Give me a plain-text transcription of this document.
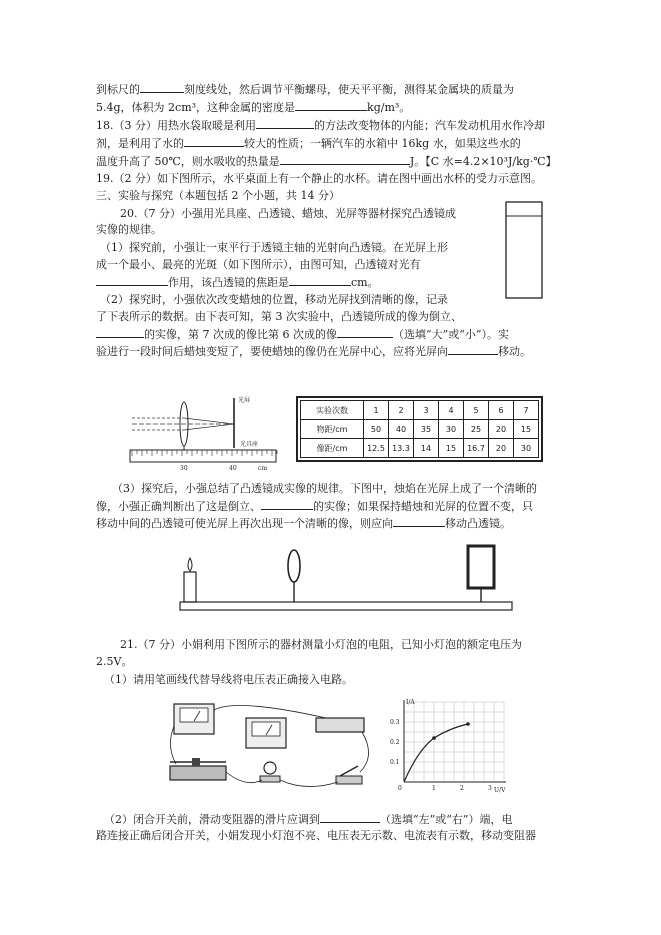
到标尺的	刻度线处，然后调节平衡螺母，使天平平衡，测得某金属块的质量为
5.4g，体积为 2cm³，这种金属的密度是	kg/m³。
18.（3 分）用热水袋取暖是利用	的方法改变物体的内能；汽车发动机用水作冷却
剂，是利用了水的	较大的性质；一辆汽车的水箱中 16kg 水，如果这些水的
温度升高了 50℃，则水吸收的热量是	J。【C 水=4.2×10³J/kg·℃】
19.（2 分）如下图所示，水平桌面上有一个静止的水杯。请在图中画出水杯的受力示意图。
三、实验与探究（本题包括 2 个小题，共 14 分）
20.（7 分）小强用光具座、凸透镜、蜡烛、光屏等器材探究凸透镜成
实像的规律。
（1）探究前，小强让一束平行于透镜主轴的光射向凸透镜。在光屏上形
成一个最小、最亮的光斑（如下图所示），由图可知，凸透镜对光有
作用，该凸透镜的焦距是	cm。
（2）探究时，小强依次改变蜡烛的位置，移动光屏找到清晰的像，记录
了下表所示的数据。由下表可知，第 3 次实验中，凸透镜所成的像为倒立、
的实像，第 7 次成的像比第 6 次成的像	（选填“大”或“小”）。实
验进行一段时间后蜡烛变短了，要使蜡烛的像仍在光屏中心，应将光屏向	移动。
光屏
光具座
30	40	cm
实验次数	1	2	3	4	5	6	7
物距/cm	50	40	35	30	25	20	15
像距/cm	12.5	13.3	14	15	16.7	20	30
（3）探究后，小强总结了凸透镜成实像的规律。下图中，烛焰在光屏上成了一个清晰的
像，小强正确判断出了这是倒立、	的实像；如果保持蜡烛和光屏的位置不变，只
移动中间的凸透镜可使光屏上再次出现一个清晰的像，则应向	移动凸透镜。
21.（7 分）小娟利用下图所示的器材测量小灯泡的电阻，已知小灯泡的额定电压为
2.5V。
（1）请用笔画线代替导线将电压表正确接入电路。
I/A
U/V
0.3
0.2
0.1
0	1	2	3
（2）闭合开关前，滑动变阻器的滑片应调到	（选填“左”或“右”）端，电
路连接正确后闭合开关，小娟发现小灯泡不亮、电压表无示数、电流表有示数，移动变阻器
